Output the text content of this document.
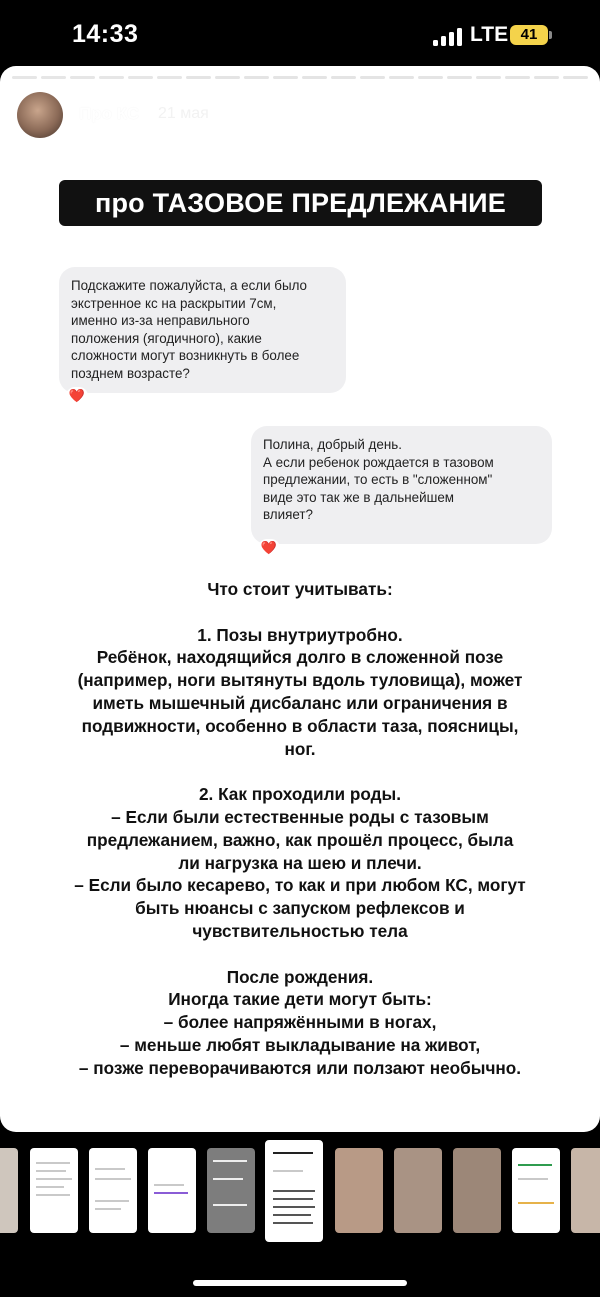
14:33	LTE 41
Про КС 21 мая	•••
про ТАЗОВОЕ ПРЕДЛЕЖАНИЕ

Подскажите пожалуйста, а если было
экстренное кс на раскрытии 7см,
именно из-за неправильного
положения (ягодичного), какие
сложности могут возникнуть в более
позднем возрасте?

❤️

Полина, добрый день.
А если ребенок рождается в тазовом
предлежании, то есть в "сложенном"
виде это так же в дальнейшем
влияет?

❤️
Что стоит учитывать:

1. Позы внутриутробно.
Ребёнок, находящийся долго в сложенной позе
(например, ноги вытянуты вдоль туловища), может
иметь мышечный дисбаланс или ограничения в
подвижности, особенно в области таза, поясницы,
ног.

2. Как проходили роды.
– Если были естественные роды с тазовым
предлежанием, важно, как прошёл процесс, была
ли нагрузка на шею и плечи.
– Если было кесарево, то как и при любом КС, могут
быть нюансы с запуском рефлексов и
чувствительностью тела

После рождения.
Иногда такие дети могут быть:
– более напряжёнными в ногах,
– меньше любят выкладывание на живот,
– позже переворачиваются или ползают необычно.
